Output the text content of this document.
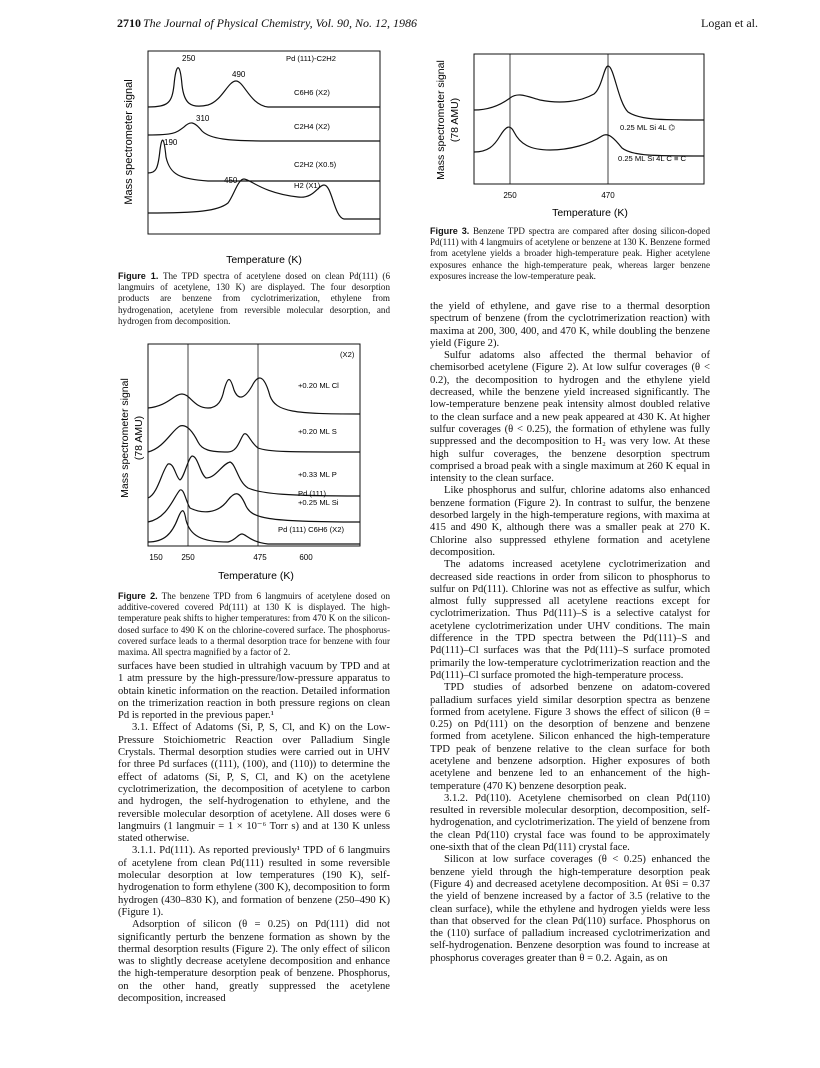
2710 The Journal of Physical Chemistry, Vol. 90, No. 12, 1986	Logan et al.
Mass spectrometer signal
250
490
310
190
450
Pd (111)-C2H2
C6H6 (X2)
C2H4 (X2)
C2H2 (X0.5)
H2 (X1)
Temperature (K)
Figure 1. The TPD spectra of acetylene dosed on clean Pd(111) (6 langmuirs of acetylene, 130 K) are displayed. The four desorption products are benzene from cyclotrimerization, ethylene from hydrogenation, acetylene from reversible molecular desorption, and hydrogen from decomposition.
Mass spectrometer signal (78 AMU)
(X2)
+0.20 ML Cl
+0.20 ML S
+0.33 ML P
Pd (111)
+0.25 ML Si
Pd (111) C6H6 (X2)
150 250	475	600
Temperature (K)
Figure 2. The benzene TPD from 6 langmuirs of acetylene dosed on additive-covered covered Pd(111) at 130 K is displayed. The high-temperature peak shifts to higher temperatures: from 470 K on the silicon-dosed surface to 490 K on the chlorine-covered surface. The phosphorus-covered surface leads to a thermal desorption trace for benzene with four maxima. All spectra magnified by a factor of 2.

surfaces have been studied in ultrahigh vacuum by TPD and at 1 atm pressure by the high-pressure/low-pressure apparatus to obtain kinetic information on the reaction. Detailed information on the trimerization reaction in both pressure regions on clean Pd is reported in the previous paper.¹

3.1. Effect of Adatoms (Si, P, S, Cl, and K) on the Low-Pressure Stoichiometric Reaction over Palladium Single Crystals. Thermal desorption studies were carried out in UHV for three Pd surfaces ((111), (100), and (110)) to determine the effect of adatoms (Si, P, S, Cl, and K) on the acetylene cyclotrimerization, the decomposition of acetylene to carbon and hydrogen, the self-hydrogenation to ethylene, and the reversible molecular desorption of acetylene. All doses were 6 langmuirs (1 langmuir = 1 × 10⁻⁶ Torr s) and at 130 K unless stated otherwise.

3.1.1. Pd(111). As reported previously¹ TPD of 6 langmuirs of acetylene from clean Pd(111) resulted in some reversible molecular desorption at low temperatures (190 K), self-hydrogenation to form ethylene (300 K), decomposition to form hydrogen (430–830 K), and formation of benzene (250–490 K) (Figure 1).

Adsorption of silicon (θ = 0.25) on Pd(111) did not significantly perturb the benzene formation as shown by the thermal desorption results (Figure 2). The only effect of silicon was to slightly decrease acetylene decomposition and enhance the high-temperature desorption peak of benzene. Phosphorus, on the other hand, greatly suppressed the acetylene decomposition, increased

Mass spectrometer signal (78 AMU)	0.25 ML Si 4L ⌬
0.25 ML Si 4L C ≡ C
250	470
Temperature (K)
Figure 3. Benzene TPD spectra are compared after dosing silicon-doped Pd(111) with 4 langmuirs of acetylene or benzene at 130 K. Benzene formed from acetylene yields a broader high-temperature peak. Higher acetylene exposures enhance the high-temperature peak, whereas larger benzene exposures increase the low-temperature peak.

the yield of ethylene, and gave rise to a thermal desorption spectrum of benzene (from the cyclotrimerization reaction) with maxima at 200, 300, 400, and 470 K, while doubling the benzene yield (Figure 2).

Sulfur adatoms also affected the thermal behavior of chemisorbed acetylene (Figure 2). At low sulfur coverages (θ < 0.2), the decomposition to hydrogen and the ethylene yield decreased, while the benzene yield increased significantly. The low-temperature benzene peak intensity almost doubled relative to the clean surface and a new peak appeared at 430 K. At higher sulfur coverages (θ < 0.25), the formation of ethylene was fully suppressed and the decomposition to H₂ was very low. At these high sulfur coverages, the benzene desorption spectrum comprised a broad peak with a single maximum at 260 K equal in intensity to the clean surface.

Like phosphorus and sulfur, chlorine adatoms also enhanced benzene formation (Figure 2). In contrast to sulfur, the benzene desorbed largely in the high-temperature regions, with maxima at 415 and 490 K, although there was a smaller peak at 270 K. Chlorine also suppressed ethylene formation and acetylene decomposition.

The adatoms increased acetylene cyclotrimerization and decreased side reactions in order from silicon to phosphorus to sulfur on Pd(111). Chlorine was not as effective as sulfur, which almost fully suppressed all acetylene reactions except for cyclotrimerization. Thus Pd(111)–S is a selective catalyst for acetylene cyclotrimerization under UHV conditions. The main difference in the TPD spectra between the Pd(111)–S and Pd(111)–Cl surfaces was that the Pd(111)–S surface promoted primarily the low-temperature cyclotrimerization reaction and the Pd(111)–Cl surface promoted the high-temperature process.

TPD studies of adsorbed benzene on adatom-covered palladium surfaces yield similar desorption spectra as benzene formed from acetylene. Figure 3 shows the effect of silicon (θ = 0.25) on Pd(111) on the desorption of benzene and benzene formed from acetylene. Silicon enhanced the high-temperature TPD peak of benzene relative to the clean surface for both acetylene and benzene adsorption. Higher exposures of both acetylene and benzene led to an enhancement of the high-temperature (470 K) benzene desorption peak.

3.1.2. Pd(110). Acetylene chemisorbed on clean Pd(110) resulted in reversible molecular desorption, decomposition, self-hydrogenation, and cyclotrimerization. The yield of benzene from the clean Pd(110) crystal face was found to be approximately one-sixth that of the clean Pd(111) crystal face.

Silicon at low surface coverages (θ < 0.25) enhanced the benzene yield through the high-temperature desorption peak (Figure 4) and decreased acetylene decomposition. At θSi = 0.37 the yield of benzene increased by a factor of 3.5 (relative to the clean surface), while the ethylene and hydrogen yields were less than that observed for the clean Pd(110) surface. Phosphorus on the (110) surface of palladium increased cyclotrimerization and self-hydrogenation. Benzene desorption was found to increase at phosphorus coverages greater than θ = 0.2. Again, as on
